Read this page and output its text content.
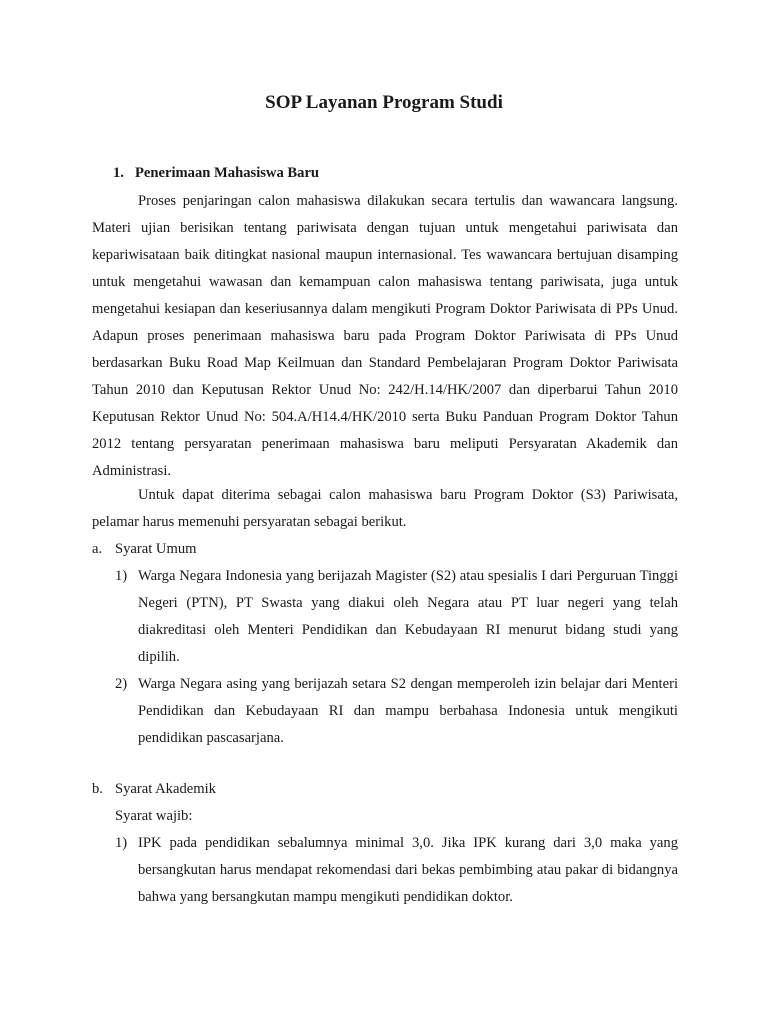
SOP Layanan Program Studi

1. Penerimaan Mahasiswa Baru

Proses penjaringan calon mahasiswa dilakukan secara tertulis dan wawancara langsung. Materi ujian berisikan tentang pariwisata dengan tujuan untuk mengetahui pariwisata dan kepariwisataan baik ditingkat nasional maupun internasional. Tes wawancara bertujuan disamping untuk mengetahui wawasan dan kemampuan calon mahasiswa tentang pariwisata, juga untuk mengetahui kesiapan dan keseriusannya dalam mengikuti Program Doktor Pariwisata di PPs Unud. Adapun proses penerimaan mahasiswa baru pada Program Doktor Pariwisata di PPs Unud berdasarkan Buku Road Map Keilmuan dan Standard Pembelajaran Program Doktor Pariwisata Tahun 2010 dan Keputusan Rektor Unud No: 242/H.14/HK/2007 dan diperbarui Tahun 2010 Keputusan Rektor Unud No: 504.A/H14.4/HK/2010 serta Buku Panduan Program Doktor Tahun 2012 tentang persyaratan penerimaan mahasiswa baru meliputi Persyaratan Akademik dan Administrasi.

Untuk dapat diterima sebagai calon mahasiswa baru Program Doktor (S3) Pariwisata, pelamar harus memenuhi persyaratan sebagai berikut.

a. Syarat Umum

1) Warga Negara Indonesia yang berijazah Magister (S2) atau spesialis I dari Perguruan Tinggi Negeri (PTN), PT Swasta yang diakui oleh Negara atau PT luar negeri yang telah diakreditasi oleh Menteri Pendidikan dan Kebudayaan RI menurut bidang studi yang dipilih.
2) Warga Negara asing yang berijazah setara S2 dengan memperoleh izin belajar dari Menteri Pendidikan dan Kebudayaan RI dan mampu berbahasa Indonesia untuk mengikuti pendidikan pascasarjana.

b. Syarat Akademik

Syarat wajib:

1) IPK pada pendidikan sebalumnya minimal 3,0. Jika IPK kurang dari 3,0 maka yang bersangkutan harus mendapat rekomendasi dari bekas pembimbing atau pakar di bidangnya bahwa yang bersangkutan mampu mengikuti pendidikan doktor.
